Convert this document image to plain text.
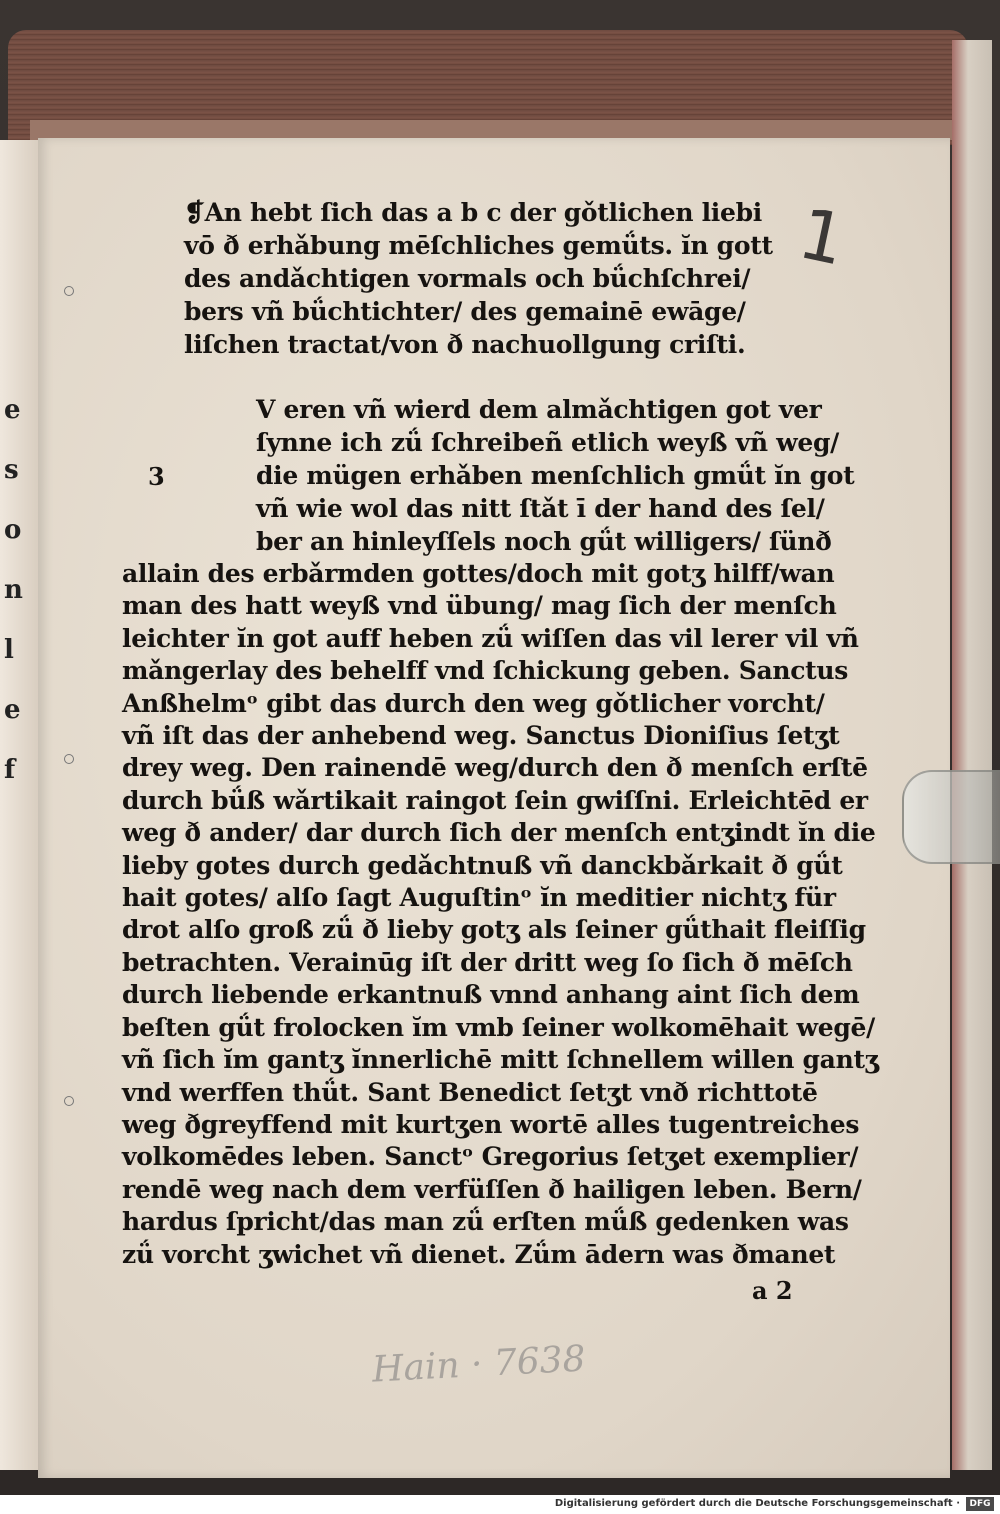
e
s
o
n
l
e
f
1
❡An hebt ſich das a b c der gǒtlichen liebi
vō ð erhǎbung mēſchliches gemǘts. ĭn gott
des andǎchtigen vormals och bǘchſchrei/
bers vñ bǘchtichter/ des gemainē ewāge/
liſchen tractat/von ð nachuollgung criſti.
3
V eren vñ wierd dem almǎchtigen got ver
ſynne ich zǘ ſchreibeñ etlich weyß vñ weg/
die mügen erhǎben menſchlich gmǘt ĭn got
vñ wie wol das nitt ſtǎt ī der hand des ſel/
ber an hinleyſſels noch gǘt willigers/ ſünð
allain des erbǎrmden gottes/doch mit gotʒ hilff/wan
man des hatt weyß vnd übung/ mag ſich der menſch
leichter ĭn got auff heben zǘ wiſſen das vil lerer vil vñ
mǎngerlay des behelff vnd ſchickung geben. Sanctus
Anßhelmᵒ gibt das durch den weg gǒtlicher vorcht/
vñ iſt das der anhebend weg. Sanctus Dioniſius ſetʒt
drey weg. Den rainendē weg/durch den ð menſch erſtē
durch bǘß wǎrtikait raingot ſein gwiſſni. Erleichtēd er
weg ð ander/ dar durch ſich der menſch entʒindt ĭn die
lieby gotes durch gedǎchtnuß vñ danckbǎrkait ð gǘt
hait gotes/ alſo ſagt Auguſtinᵒ ĭn meditier nichtʒ für
drot alſo groß zǘ ð lieby gotʒ als ſeiner gǘthait fleiſſig
betrachten. Verainūg iſt der dritt weg ſo ſich ð mēſch
durch liebende erkantnuß vnnd anhang aint ſich dem
beſten gǘt frolocken ĭm vmb ſeiner wolkomēhait wegē/
vñ ſich ĭm gantʒ ĭnnerlichē mitt ſchnellem willen gantʒ
vnd werffen thǘt. Sant Benedict ſetʒt vnð richttotē
weg ðgreyffend mit kurtʒen wortē alles tugentreiches
volkomēdes leben. Sanctᵒ Gregorius ſetʒet exemplier/
rendē weg nach dem verfüſſen ð hailigen leben. Bern/
hardus ſpricht/das man zǘ erſten mǘß gedenken was
zǘ vorcht ʒwichet vñ dienet. Zǘm ādern was ðmanet
a 2
Hain · 7638
Digitalisierung gefördert durch die Deutsche Forschungsgemeinschaft ·	DFG
